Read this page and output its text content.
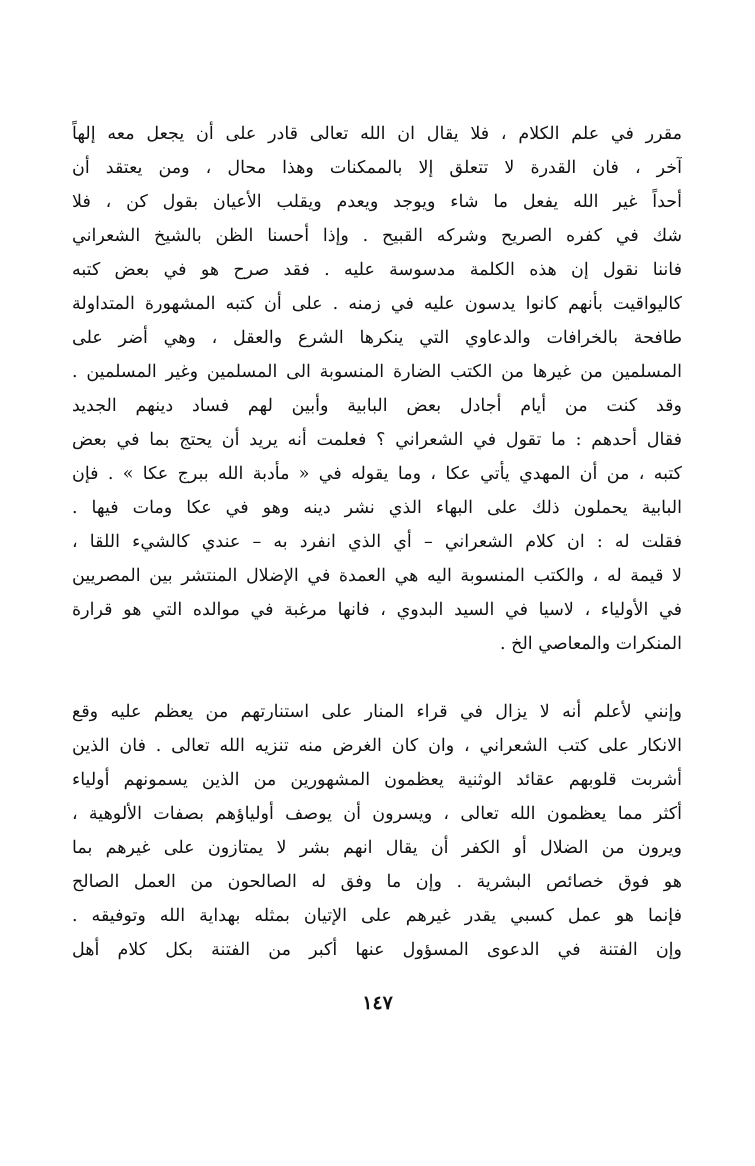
مقرر في علم الكلام ، فلا يقال ان الله تعالى قادر على أن يجعل معه إلهاً
آخر ، فان القدرة لا تتعلق إلا بالممكنات وهذا محال ، ومن يعتقد أن
أحداً غير الله يفعل ما شاء ويوجد ويعدم ويقلب الأعيان بقول كن ، فلا
شك في كفره الصريح وشركه القبيح . وإذا أحسنا الظن بالشيخ الشعراني
فاننا نقول إن هذه الكلمة مدسوسة عليه . فقد صرح هو في بعض كتبه
كاليواقيت بأنهم كانوا يدسون عليه في زمنه . على أن كتبه المشهورة المتداولة
طافحة بالخرافات والدعاوي التي ينكرها الشرع والعقل ، وهي أضر على
المسلمين من غيرها من الكتب الضارة المنسوبة الى المسلمين وغير المسلمين .
وقد كنت من أيام أجادل بعض البابية وأبين لهم فساد دينهم الجديد
فقال أحدهم : ما تقول في الشعراني ؟ فعلمت أنه يريد أن يحتج بما في بعض
كتبه ، من أن المهدي يأتي عكا ، وما يقوله في « مأدبة الله ببرج عكا » . فإن
البابية يحملون ذلك على البهاء الذي نشر دينه وهو في عكا ومات فيها .
فقلت له : ان كلام الشعراني – أي الذي انفرد به – عندي كالشيء اللقا ،
لا قيمة له ، والكتب المنسوبة اليه هي العمدة في الإضلال المنتشر بين المصريين
في الأولياء ، لاسيا في السيد البدوي ، فانها مرغبة في موالده التي هو قرارة
المنكرات والمعاصي الخ .
وإنني لأعلم أنه لا يزال في قراء المنار على استنارتهم من يعظم عليه وقع
الانكار على كتب الشعراني ، وان كان الغرض منه تنزيه الله تعالى . فان الذين
أشربت قلوبهم عقائد الوثنية يعظمون المشهورين من الذين يسمونهم أولياء
أكثر مما يعظمون الله تعالى ، ويسرون أن يوصف أولياؤهم بصفات الألوهية ،
ويرون من الضلال أو الكفر أن يقال انهم بشر لا يمتازون على غيرهم بما
هو فوق خصائص البشرية . وإن ما وفق له الصالحون من العمل الصالح
فإنما هو عمل كسبي يقدر غيرهم على الإتيان بمثله بهداية الله وتوفيقه .
وإن الفتنة في الدعوى المسؤول عنها أكبر من الفتنة بكل كلام أهل
١٤٧
